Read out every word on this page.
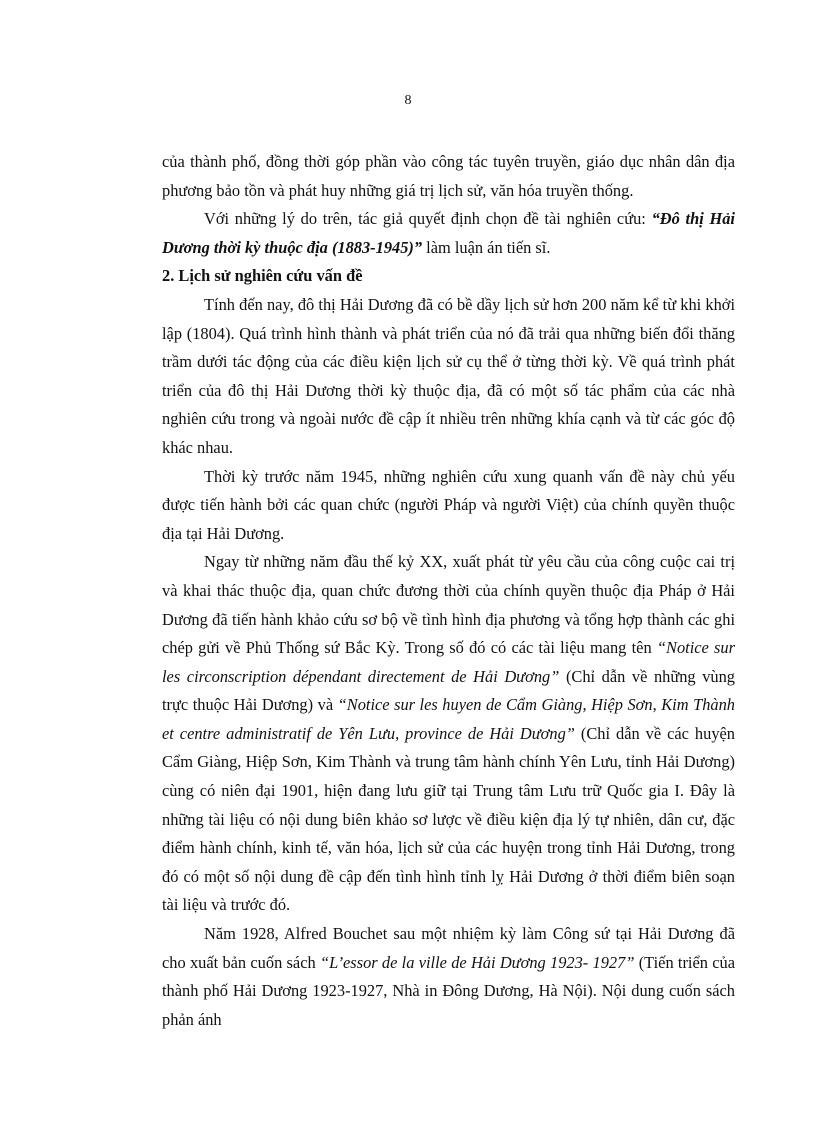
8

của thành phố, đồng thời góp phần vào công tác tuyên truyền, giáo dục nhân dân địa phương bảo tồn và phát huy những giá trị lịch sử, văn hóa truyền thống.

Với những lý do trên, tác giả quyết định chọn đề tài nghiên cứu: “Đô thị Hải Dương thời kỳ thuộc địa (1883-1945)” làm luận án tiến sĩ.

2. Lịch sử nghiên cứu vấn đề

Tính đến nay, đô thị Hải Dương đã có bề dầy lịch sử hơn 200 năm kể từ khi khởi lập (1804). Quá trình hình thành và phát triển của nó đã trải qua những biến đổi thăng trầm dưới tác động của các điều kiện lịch sử cụ thể ở từng thời kỳ. Về quá trình phát triển của đô thị Hải Dương thời kỳ thuộc địa, đã có một số tác phẩm của các nhà nghiên cứu trong và ngoài nước đề cập ít nhiều trên những khía cạnh và từ các góc độ khác nhau.

Thời kỳ trước năm 1945, những nghiên cứu xung quanh vấn đề này chủ yếu được tiến hành bởi các quan chức (người Pháp và người Việt) của chính quyền thuộc địa tại Hải Dương.

Ngay từ những năm đầu thế kỷ XX, xuất phát từ yêu cầu của công cuộc cai trị và khai thác thuộc địa, quan chức đương thời của chính quyền thuộc địa Pháp ở Hải Dương đã tiến hành khảo cứu sơ bộ về tình hình địa phương và tổng hợp thành các ghi chép gửi về Phủ Thống sứ Bắc Kỳ. Trong số đó có các tài liệu mang tên “Notice sur les circonscription dépendant directement de Hải Dương” (Chỉ dẫn về những vùng trực thuộc Hải Dương) và “Notice sur les huyen de Cẩm Giàng, Hiệp Sơn, Kim Thành et centre administratif de Yên Lưu, province de Hải Dương” (Chỉ dẫn về các huyện Cẩm Giàng, Hiệp Sơn, Kim Thành và trung tâm hành chính Yên Lưu, tỉnh Hải Dương) cùng có niên đại 1901, hiện đang lưu giữ tại Trung tâm Lưu trữ Quốc gia I. Đây là những tài liệu có nội dung biên khảo sơ lược về điều kiện địa lý tự nhiên, dân cư, đặc điểm hành chính, kinh tế, văn hóa, lịch sử của các huyện trong tỉnh Hải Dương, trong đó có một số nội dung đề cập đến tình hình tỉnh lỵ Hải Dương ở thời điểm biên soạn tài liệu và trước đó.

Năm 1928, Alfred Bouchet sau một nhiệm kỳ làm Công sứ tại Hải Dương đã cho xuất bản cuốn sách “L’essor de la ville de Hải Dương 1923- 1927” (Tiến triển của thành phố Hải Dương 1923-1927, Nhà in Đông Dương, Hà Nội). Nội dung cuốn sách phản ánh
